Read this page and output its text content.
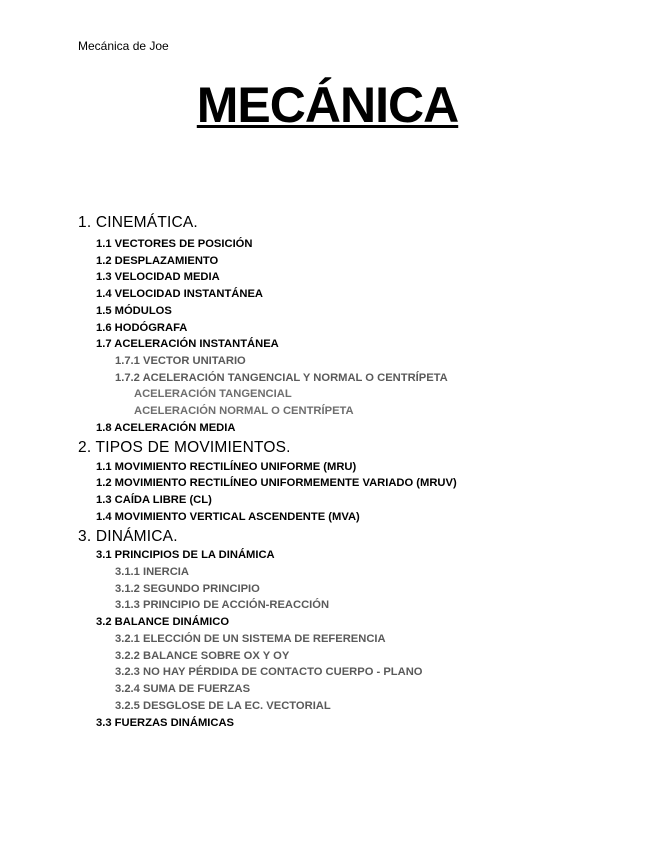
Mecánica de Joe
MECÁNICA
1. CINEMÁTICA.
1.1 VECTORES DE POSICIÓN
1.2 DESPLAZAMIENTO
1.3 VELOCIDAD MEDIA
1.4 VELOCIDAD INSTANTÁNEA
1.5 MÓDULOS
1.6 HODÓGRAFA
1.7 ACELERACIÓN INSTANTÁNEA
1.7.1 VECTOR UNITARIO
1.7.2 ACELERACIÓN TANGENCIAL Y NORMAL O CENTRÍPETA
ACELERACIÓN TANGENCIAL
ACELERACIÓN NORMAL O CENTRÍPETA
1.8 ACELERACIÓN MEDIA
2. TIPOS DE MOVIMIENTOS.
1.1 MOVIMIENTO RECTILÍNEO UNIFORME (MRU)
1.2 MOVIMIENTO RECTILÍNEO UNIFORMEMENTE VARIADO (MRUV)
1.3 CAÍDA LIBRE (CL)
1.4 MOVIMIENTO VERTICAL ASCENDENTE (MVA)
3. DINÁMICA.
3.1 PRINCIPIOS DE LA DINÁMICA
3.1.1 INERCIA
3.1.2 SEGUNDO PRINCIPIO
3.1.3 PRINCIPIO DE ACCIÓN-REACCIÓN
3.2 BALANCE DINÁMICO
3.2.1 ELECCIÓN DE UN SISTEMA DE REFERENCIA
3.2.2 BALANCE SOBRE OX Y OY
3.2.3 NO HAY PÉRDIDA DE CONTACTO CUERPO - PLANO
3.2.4 SUMA DE FUERZAS
3.2.5 DESGLOSE DE LA EC. VECTORIAL
3.3 FUERZAS DINÁMICAS
